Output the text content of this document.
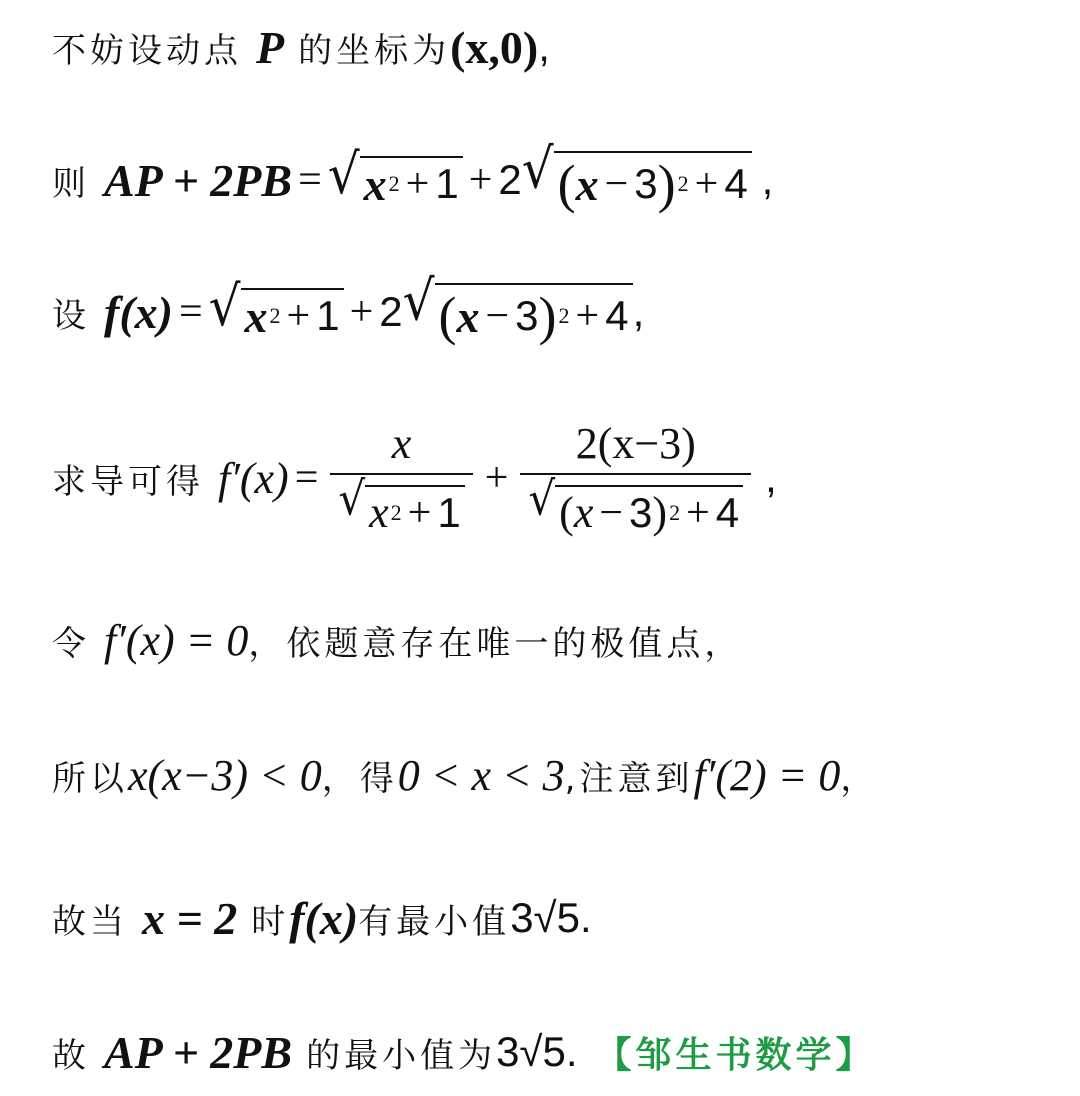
不妨设动点 P 的坐标为 (x,0) ,
则 AP + 2PB = √ x 2 + 1 + 2 √ ( x − 3 ) 2 + 4 ,
设 f(x) = √ x 2 + 1 + 2 √ ( x − 3 ) 2 + 4 ,
求导可得 $f'(x) = \frac{x}{√ x 2 + 1} + \frac{2(x-3)}{√ ( x - 3 ) 2 + 4}$ ,
令 f′(x) = 0 ，依题意存在唯一的极值点，
所以 x(x−3) < 0 ，得 0 < x < 3 ,注意到 f′(2) = 0 ，
故当 x = 2 时 f(x) 有最小值 3√5.
故 AP + 2PB 的最小值为 3√5. 【邹生书数学】
